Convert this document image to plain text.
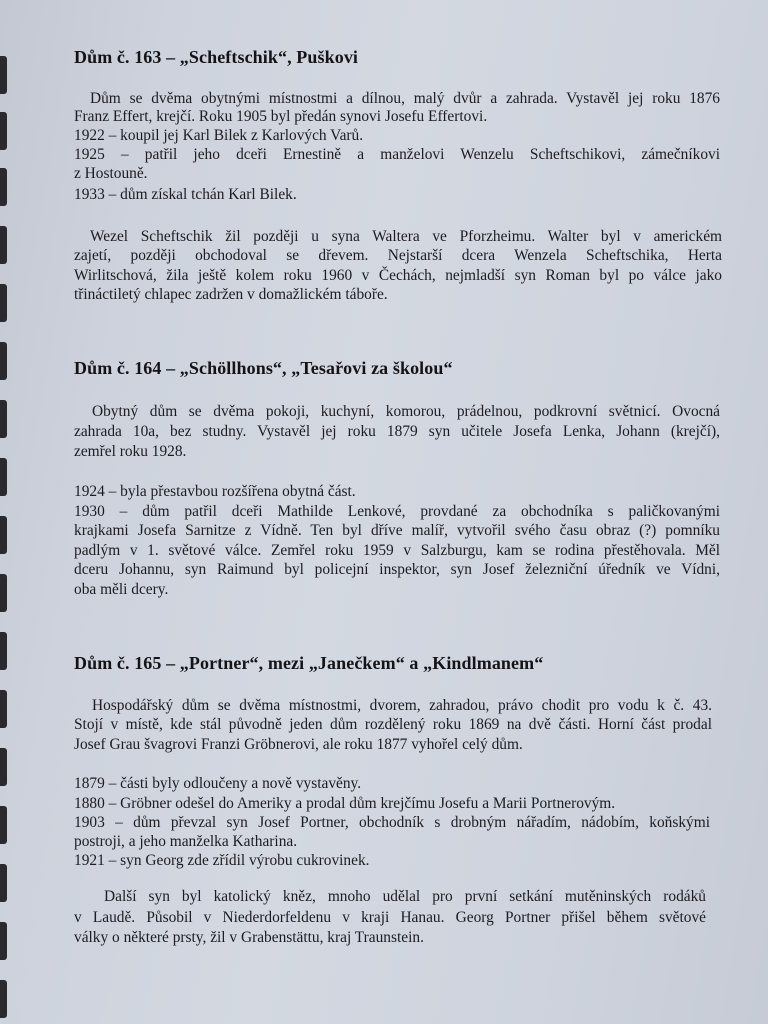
Dům č. 163 – „Scheftschik“, Puškovi
Dům se dvěma obytnými místnostmi a dílnou, malý dvůr a zahrada. Vystavěl jej roku 1876
Franz Effert, krejčí. Roku 1905 byl předán synovi Josefu Effertovi.
1922 – koupil jej Karl Bilek z Karlových Varů.
1925 – patřil jeho dceři Ernestině a manželovi Wenzelu Scheftschikovi, zámečníkovi
z Hostouně.
1933 – dům získal tchán Karl Bilek.
Wezel Scheftschik žil později u syna Waltera ve Pforzheimu. Walter byl v americkém
zajetí, později obchodoval se dřevem. Nejstarší dcera Wenzela Scheftschika, Herta
Wirlitschová, žila ještě kolem roku 1960 v Čechách, nejmladší syn Roman byl po válce jako
třináctiletý chlapec zadržen v domažlickém táboře.
Dům č. 164 – „Schöllhons“, „Tesařovi za školou“
Obytný dům se dvěma pokoji, kuchyní, komorou, prádelnou, podkrovní světnicí. Ovocná
zahrada 10a, bez studny. Vystavěl jej roku 1879 syn učitele Josefa Lenka, Johann (krejčí),
zemřel roku 1928.
1924 – byla přestavbou rozšířena obytná část.
1930 – dům patřil dceři Mathilde Lenkové, provdané za obchodníka s paličkovanými
krajkami Josefa Sarnitze z Vídně. Ten byl dříve malíř, vytvořil svého času obraz (?) pomníku
padlým v 1. světové válce. Zemřel roku 1959 v Salzburgu, kam se rodina přestěhovala. Měl
dceru Johannu, syn Raimund byl policejní inspektor, syn Josef železniční úředník ve Vídni,
oba měli dcery.
Dům č. 165 – „Portner“, mezi „Janečkem“ a „Kindlmanem“
Hospodářský dům se dvěma místnostmi, dvorem, zahradou, právo chodit pro vodu k č. 43.
Stojí v místě, kde stál původně jeden dům rozdělený roku 1869 na dvě části. Horní část prodal
Josef Grau švagrovi Franzi Gröbnerovi, ale roku 1877 vyhořel celý dům.
1879 – části byly odloučeny a nově vystavěny.
1880 – Gröbner odešel do Ameriky a prodal dům krejčímu Josefu a Marii Portnerovým.
1903 – dům převzal syn Josef Portner, obchodník s drobným nářadím, nádobím, koňskými
postroji, a jeho manželka Katharina.
1921 – syn Georg zde zřídil výrobu cukrovinek.
Další syn byl katolický kněz, mnoho udělal pro první setkání mutěninských rodáků
v Laudě. Působil v Niederdorfeldenu v kraji Hanau. Georg Portner přišel během světové
války o některé prsty, žil v Grabenstättu, kraj Traunstein.
